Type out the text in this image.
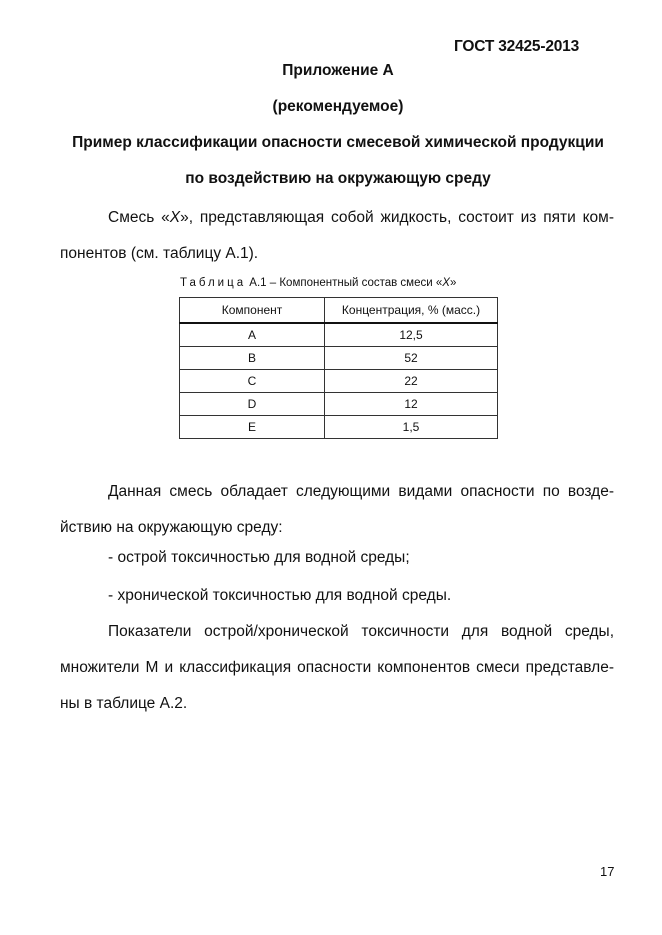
ГОСТ 32425-2013
Приложение А
(рекомендуемое)
Пример классификации опасности смесевой химической продукции
по воздействию на окружающую среду
Смесь «X», представляющая собой жидкость, состоит из пяти ком-понентов (см. таблицу А.1).
Таблица А.1 – Компонентный состав смеси «X»
Компонент	Концентрация, % (масс.)
А	12,5
В	52
С	22
D	12
Е	1,5
Данная смесь обладает следующими видами опасности по возде-йствию на окружающую среду:
- острой токсичностью для водной среды;
- хронической токсичностью для водной среды.
Показатели острой/хронической токсичности для водной среды, множители М и классификация опасности компонентов смеси представле-ны в таблице А.2.
17
